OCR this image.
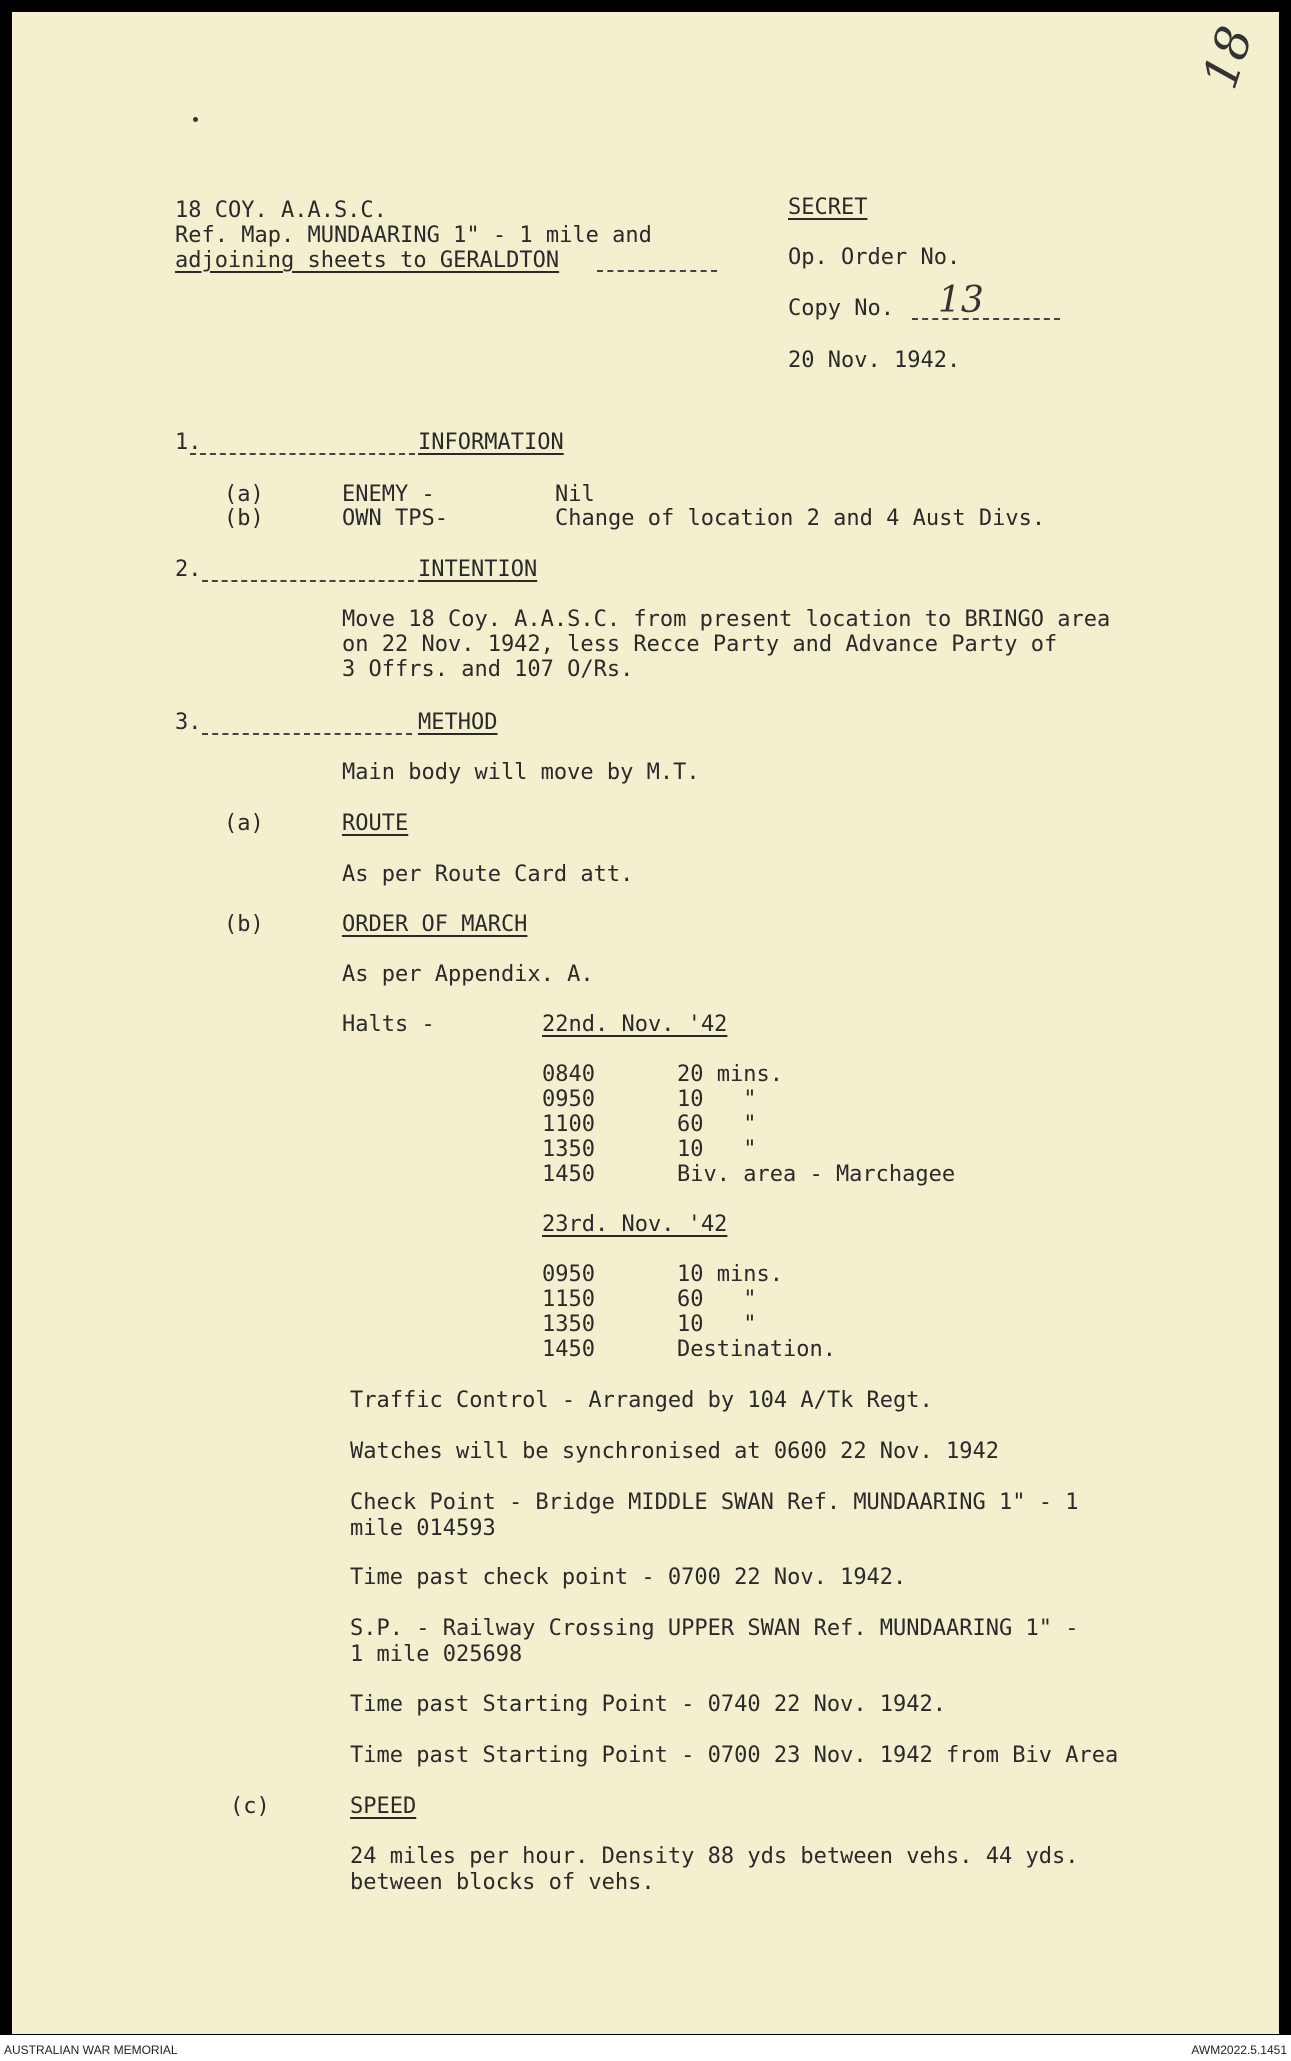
18 COY. A.A.S.C.
Ref. Map. MUNDAARING 1" - 1 mile and
adjoining sheets to GERALDTON
SECRET
Op. Order No.
Copy No. 13
20 Nov. 1942.
18
1.	INFORMATION
(a)	ENEMY -	Nil
(b)	OWN TPS-	Change of location 2 and 4 Aust Divs.
2.	INTENTION
Move 18 Coy. A.A.S.C. from present location to BRINGO area
on 22 Nov. 1942, less Recce Party and Advance Party of
3 Offrs. and 107 O/Rs.
3.	METHOD
Main body will move by M.T.
(a)	ROUTE
As per Route Card att.
(b)	ORDER OF MARCH
As per Appendix. A.
Halts -	22nd. Nov. '42
0840	20 mins.
0950	10   "
1100	60   "
1350	10   "
1450	Biv. area - Marchagee
23rd. Nov. '42
0950	10 mins.
1150	60   "
1350	10   "
1450	Destination.
Traffic Control - Arranged by 104 A/Tk Regt.
Watches will be synchronised at 0600 22 Nov. 1942
Check Point - Bridge MIDDLE SWAN Ref. MUNDAARING 1" - 1
mile 014593
Time past check point - 0700 22 Nov. 1942.
S.P. - Railway Crossing UPPER SWAN Ref. MUNDAARING 1" -
1 mile 025698
Time past Starting Point - 0740 22 Nov. 1942.
Time past Starting Point - 0700 23 Nov. 1942 from Biv Area
(c)	SPEED
24 miles per hour. Density 88 yds between vehs. 44 yds.
between blocks of vehs.
AUSTRALIAN WAR MEMORIAL	AWM2022.5.1451
